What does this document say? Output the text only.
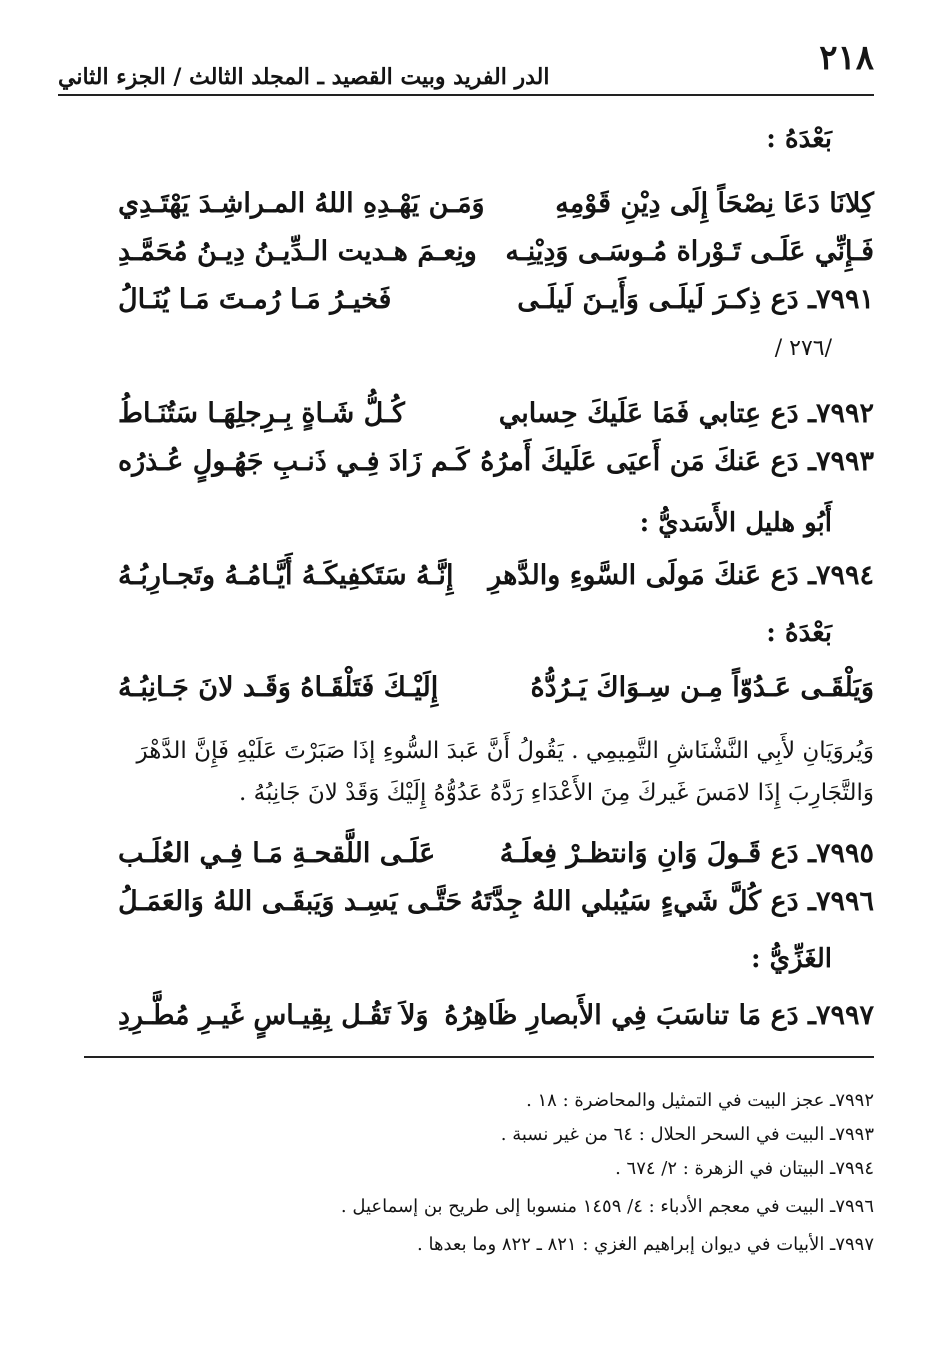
٢١٨
الدر الفريد وبيت القصيد ـ المجلد الثالث / الجزء الثاني
بَعْدَهُ :
كِلانَا دَعَا نِصْحَاً إِلَى دِيْنِ قَوْمِهِ
وَمَـن يَهْـدِهِ اللهُ المـراشِـدَ يَهْتَـدِي
فَـإِنِّي عَلَـى تَـوْراة مُـوسَـى وَدِيْنِـه
ونِعـمَ هـديت الـدِّيـنُ دِيـنُ مُحَمَّـدِ
٧٩٩١ـ دَع ذِكـرَ لَيلَـى وَأَيـنَ لَيلَـى
فَخيـرُ مَـا رُمـتَ مَـا يُنَـالُ
/٢٧٦ /
٧٩٩٢ـ دَع عِتابي فَمَا عَلَيكَ حِسابي
كُـلُّ شَـاةٍ بِـرِجلِهَـا سَتُنَـاطُ
٧٩٩٣ـ دَع عَنكَ مَن أَعيَى عَلَيكَ أَمرُهُ
كَـم زَادَ فِـي ذَنـبِ جَهُـولٍ عُـذرُه
أَبُو هليل الأَسَديُّ :
٧٩٩٤ـ دَع عَنكَ مَولَى السَّوءِ والدَّهرِ
إِنَّـهُ سَتَكفِيكَـهُ أَيَّـامُـهُ وتَجـارِبُـهُ
بَعْدَهُ :
وَيَلْقَـى عَـدُوّاً مِـن سِـوَاكَ يَـرُدُّهُ
إِلَيْـكَ فَتَلْقَـاهُ وَقَـد لانَ جَـانِبُـهُ
وَيُروَيَانِ لأَبِي النَّشْنَاشِ التَّمِيمِي . يَقُولُ أَنَّ عَبدَ السُّوءِ إذَا صَبَرْتَ عَلَيْهِ فَإِنَّ الدَّهْرَ
وَالتَّجَارِبَ إِذَا لامَسَ غَيركَ مِنَ الأَعْدَاءِ رَدَّهُ عَدُوُّهُ إِلَيْكَ وَقَدْ لانَ جَانِبُهُ .
٧٩٩٥ـ دَع قَـولَ وَانِ وَانتظـرْ فِعلَـهُ
عَلَـى اللَّقحـةِ مَـا فِـي العُلَـب
٧٩٩٦ـ دَع كُلَّ شَيءٍ سَيُبلي اللهُ جِدَّتَهُ
حَتَّـى يَسِـد وَيَبقَـى اللهُ وَالعَمَـلُ
الغَزِّيُّ :
٧٩٩٧ـ دَع مَا تناسَبَ فِي الأَبصارِ ظَاهِرُهُ
وَلاَ تَقُـل بِقِيـاسٍ غَيـرِ مُطَّـرِدِ
٧٩٩٢ـ عجز البيت في التمثيل والمحاضرة : ١٨ .
٧٩٩٣ـ البيت في السحر الحلال : ٦٤ من غير نسبة .
٧٩٩٤ـ البيتان في الزهرة : ٢/ ٦٧٤ .
٧٩٩٦ـ البيت في معجم الأدباء : ٤/ ١٤٥٩ منسوبا إلى طريح بن إسماعيل .
٧٩٩٧ـ الأبيات في ديوان إبراهيم الغزي : ٨٢١ ـ ٨٢٢ وما بعدها .
